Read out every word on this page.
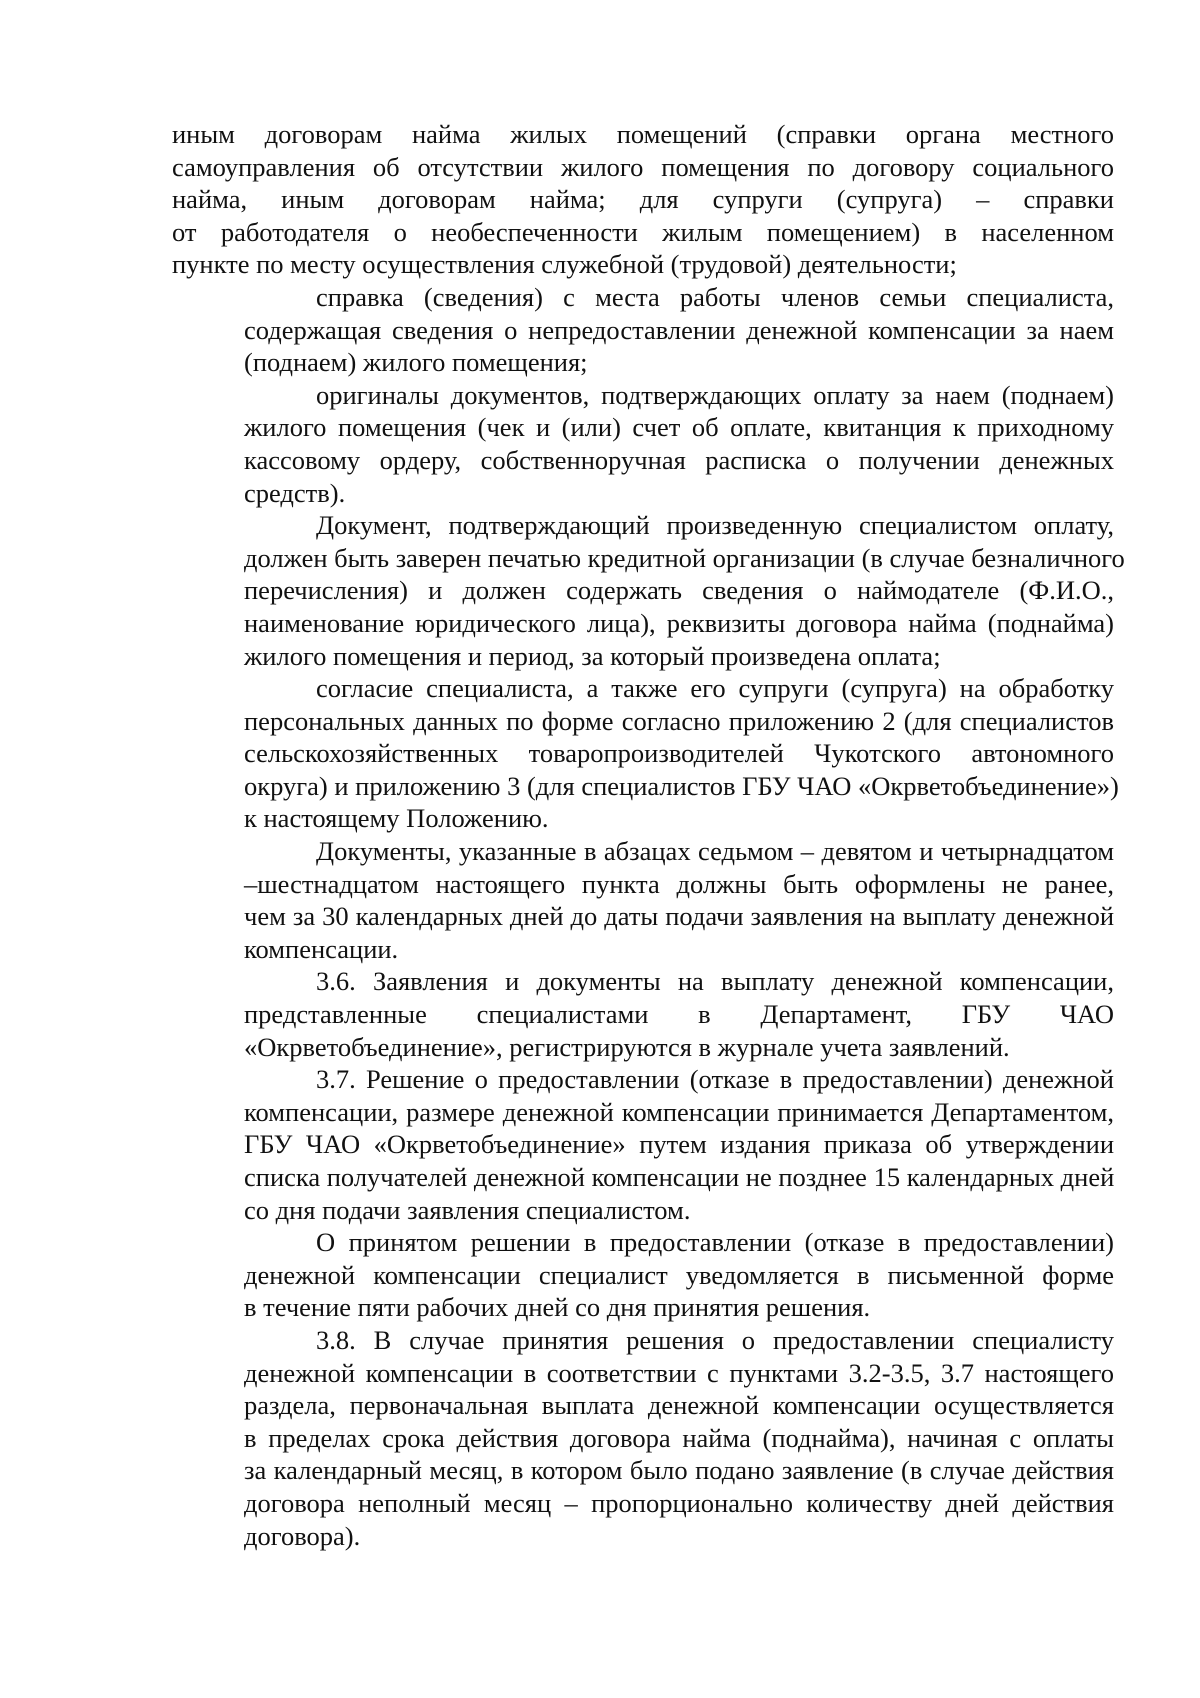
иным договорам найма жилых помещений (справки органа местного
самоуправления об отсутствии жилого помещения по договору социального
найма, иным договорам найма; для супруги (супруга) – справки
от работодателя о необеспеченности жилым помещением) в населенном
пункте по месту осуществления служебной (трудовой) деятельности;
справка (сведения) с места работы членов семьи специалиста,
содержащая сведения о непредоставлении денежной компенсации за наем
(поднаем) жилого помещения;
оригиналы документов, подтверждающих оплату за наем (поднаем)
жилого помещения (чек и (или) счет об оплате, квитанция к приходному
кассовому ордеру, собственноручная расписка о получении денежных
средств).
Документ, подтверждающий произведенную специалистом оплату,
должен быть заверен печатью кредитной организации (в случае безналичного
перечисления) и должен содержать сведения о наймодателе (Ф.И.О.,
наименование юридического лица), реквизиты договора найма (поднайма)
жилого помещения и период, за который произведена оплата;
согласие специалиста, а также его супруги (супруга) на обработку
персональных данных по форме согласно приложению 2 (для специалистов
сельскохозяйственных товаропроизводителей Чукотского автономного
округа) и приложению 3 (для специалистов ГБУ ЧАО «Окрветобъединение»)
к настоящему Положению.
Документы, указанные в абзацах седьмом – девятом и четырнадцатом
–шестнадцатом настоящего пункта должны быть оформлены не ранее,
чем за 30 календарных дней до даты подачи заявления на выплату денежной
компенсации.
3.6. Заявления и документы на выплату денежной компенсации,
представленные специалистами в Департамент, ГБУ ЧАО
«Окрветобъединение», регистрируются в журнале учета заявлений.
3.7. Решение о предоставлении (отказе в предоставлении) денежной
компенсации, размере денежной компенсации принимается Департаментом,
ГБУ ЧАО «Окрветобъединение» путем издания приказа об утверждении
списка получателей денежной компенсации не позднее 15 календарных дней
со дня подачи заявления специалистом.
О принятом решении в предоставлении (отказе в предоставлении)
денежной компенсации специалист уведомляется в письменной форме
в течение пяти рабочих дней со дня принятия решения.
3.8. В случае принятия решения о предоставлении специалисту
денежной компенсации в соответствии с пунктами 3.2-3.5, 3.7 настоящего
раздела, первоначальная выплата денежной компенсации осуществляется
в пределах срока действия договора найма (поднайма), начиная с оплаты
за календарный месяц, в котором было подано заявление (в случае действия
договора неполный месяц – пропорционально количеству дней действия
договора).
